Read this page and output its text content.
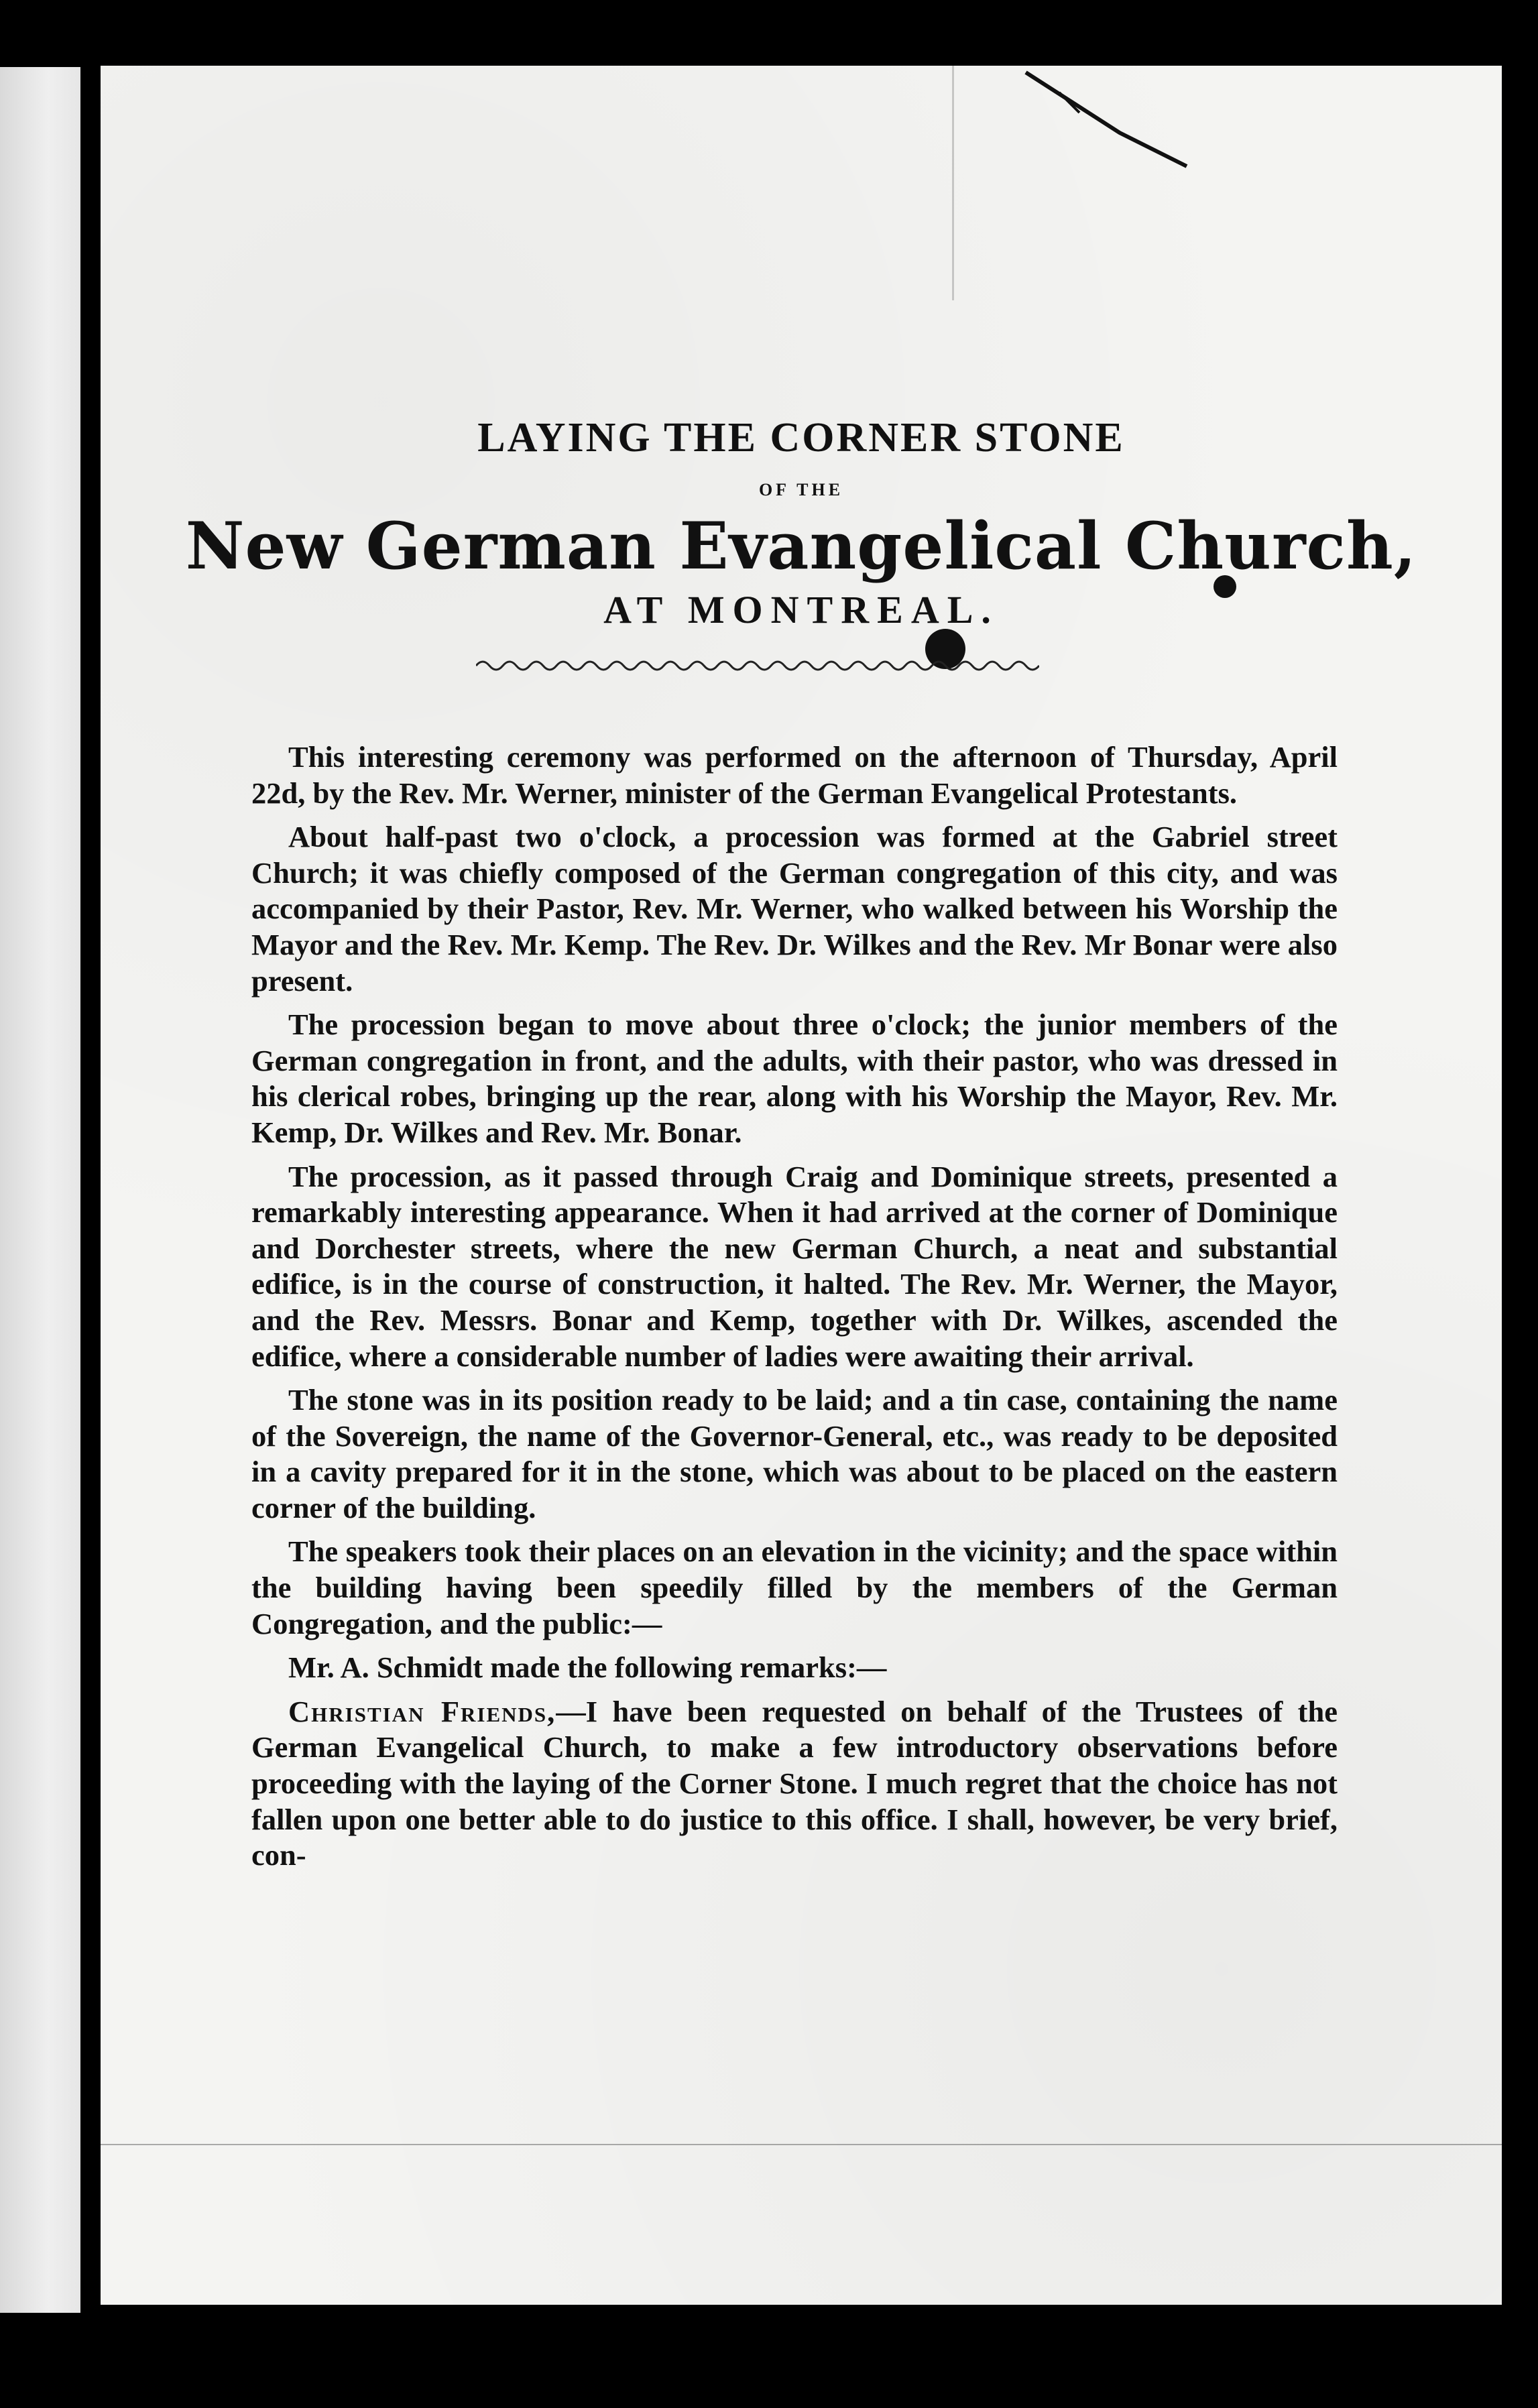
LAYING THE CORNER STONE
OF THE
New German Evangelical Church,
AT MONTREAL.

This interesting ceremony was performed on the afternoon of Thursday, April 22d, by the Rev. Mr. Werner, minister of the German Evangelical Protestants.

About half-past two o'clock, a procession was formed at the Gabriel street Church; it was chiefly composed of the German congregation of this city, and was accompanied by their Pastor, Rev. Mr. Werner, who walked between his Worship the Mayor and the Rev. Mr. Kemp. The Rev. Dr. Wilkes and the Rev. Mr Bonar were also present.

The procession began to move about three o'clock; the junior members of the German congregation in front, and the adults, with their pastor, who was dressed in his clerical robes, bringing up the rear, along with his Worship the Mayor, Rev. Mr. Kemp, Dr. Wilkes and Rev. Mr. Bonar.

The procession, as it passed through Craig and Dominique streets, presented a remarkably interesting appearance. When it had arrived at the corner of Dominique and Dorchester streets, where the new German Church, a neat and substantial edifice, is in the course of construction, it halted. The Rev. Mr. Werner, the Mayor, and the Rev. Messrs. Bonar and Kemp, together with Dr. Wilkes, ascended the edifice, where a considerable number of ladies were awaiting their arrival.

The stone was in its position ready to be laid; and a tin case, containing the name of the Sovereign, the name of the Governor-General, etc., was ready to be deposited in a cavity prepared for it in the stone, which was about to be placed on the eastern corner of the building.

The speakers took their places on an elevation in the vicinity; and the space within the building having been speedily filled by the members of the German Congregation, and the public:—

Mr. A. Schmidt made the following remarks:—

Christian Friends,—I have been requested on behalf of the Trustees of the German Evangelical Church, to make a few introductory observations before proceeding with the laying of the Corner Stone. I much regret that the choice has not fallen upon one better able to do justice to this office. I shall, however, be very brief, con-
